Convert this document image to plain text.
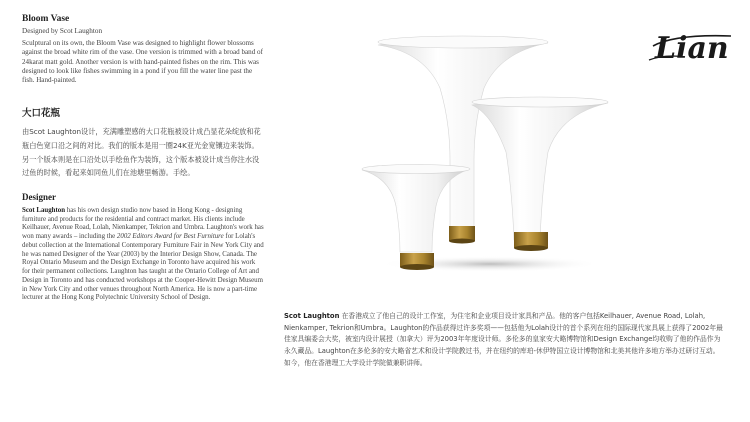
Bloom Vase
Designed by Scot Laughton

Sculptural on its own, the Bloom Vase was designed to highlight flower blossoms against the broad white rim of the vase. One version is trimmed with a broad band of 24karat matt gold. Another version is with hand-painted fishes on the rim. This was designed to look like fishes swimming in a pond if you fill the water line past the fish. Hand-painted.

大口花瓶

由Scot Laughton设计，充满雕塑感的大口花瓶被设计成凸显花朵绽放和花瓶白色宽口沿之间的对比。我们的版本是用一圈24K亚光金宽镶边来装饰。另一个版本则是在口沿处以手绘鱼作为装饰，这个版本被设计成当你注水没过鱼的时候，看起来如同鱼儿们在池塘里畅游。手绘。

Designer

Scot Laughton has his own design studio now based in Hong Kong - designing furniture and products for the residential and contract market. His clients include Keilhauer, Avenue Road, Lolah, Nienkamper, Tekrion and Umbra. Laughton's work has won many awards – including the 2002 Editors Award for Best Furniture for Lolah's debut collection at the International Contemporary Furniture Fair in New York City and he was named Designer of the Year (2003) by the Interior Design Show, Canada. The Royal Ontario Museum and the Design Exchange in Toronto have acquired his work for their permanent collections. Laughton has taught at the Ontario College of Art and Design in Toronto and has conducted workshops at the Cooper-Hewitt Design Museum in New York City and other venues throughout North America. He is now a part-time lecturer at the Hong Kong Polytechnic University School of Design.

Lian

Scot Laughton 在香港成立了他自己的设计工作室，为住宅和企业项目设计家具和产品。他的客户包括Keilhauer, Avenue Road, Lolah, Nienkamper, Tekrion和Umbra。Laughton的作品获得过许多奖项——包括他为Lolah设计的首个系列在纽约国际现代家具展上获得了2002年最佳家具编委会大奖，被室内设计展授（加拿大）评为2003年年度设计师。多伦多的皇家安大略博物馆和Design Exchange均收购了他的作品作为永久藏品。Laughton在多伦多的安大略省艺术和设计学院教过书，并在纽约的库珀-休伊特国立设计博物馆和北美其他许多地方举办过研讨互动。如今，他在香港理工大学设计学院做兼职讲师。
